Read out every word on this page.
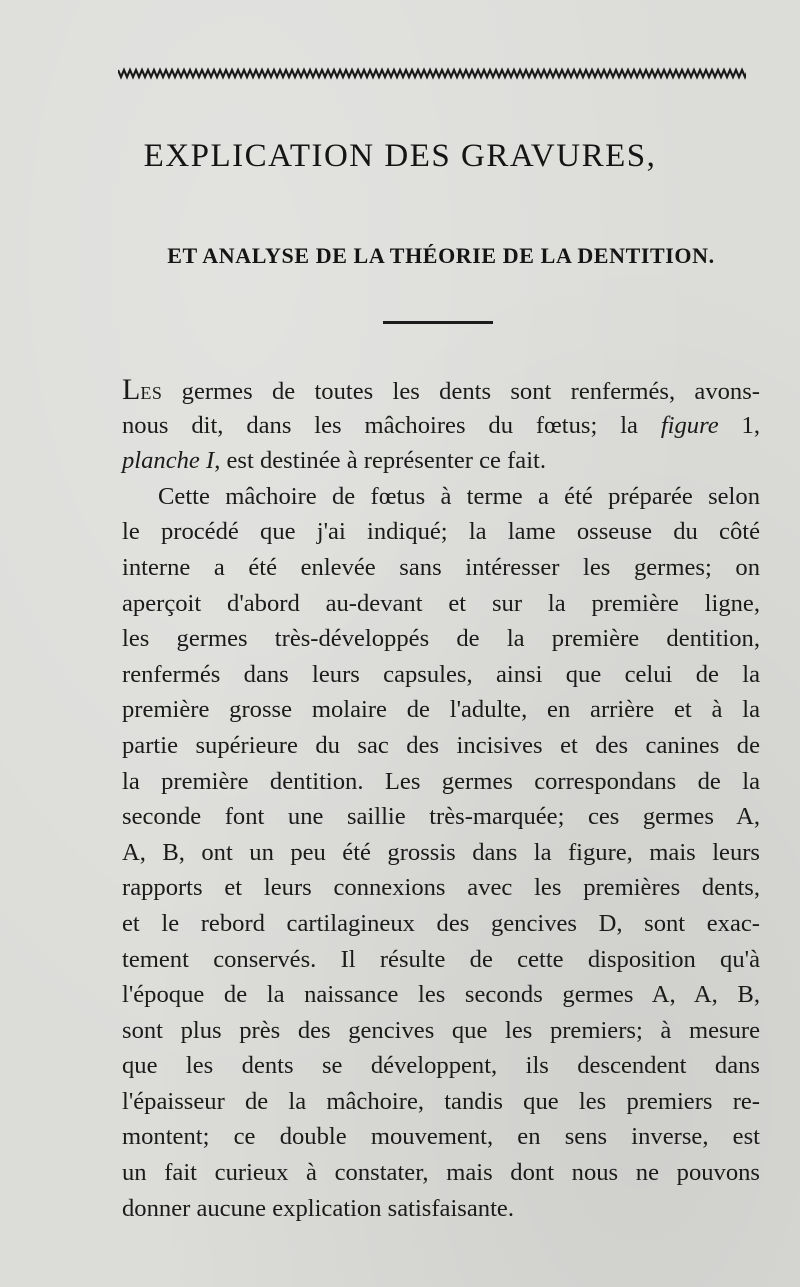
EXPLICATION DES GRAVURES,
ET ANALYSE DE LA THÉORIE DE LA DENTITION.
LES germes de toutes les dents sont renfermés, avons-
nous dit, dans les mâchoires du fœtus; la figure 1,
planche I, est destinée à représenter ce fait.
Cette mâchoire de fœtus à terme a été préparée selon
le procédé que j'ai indiqué; la lame osseuse du côté
interne a été enlevée sans intéresser les germes; on
aperçoit d'abord au-devant et sur la première ligne,
les germes très-développés de la première dentition,
renfermés dans leurs capsules, ainsi que celui de la
première grosse molaire de l'adulte, en arrière et à la
partie supérieure du sac des incisives et des canines de
la première dentition. Les germes correspondans de la
seconde font une saillie très-marquée; ces germes A,
A, B, ont un peu été grossis dans la figure, mais leurs
rapports et leurs connexions avec les premières dents,
et le rebord cartilagineux des gencives D, sont exac-
tement conservés. Il résulte de cette disposition qu'à
l'époque de la naissance les seconds germes A, A, B,
sont plus près des gencives que les premiers; à mesure
que les dents se développent, ils descendent dans
l'épaisseur de la mâchoire, tandis que les premiers re-
montent; ce double mouvement, en sens inverse, est
un fait curieux à constater, mais dont nous ne pouvons
donner aucune explication satisfaisante.
